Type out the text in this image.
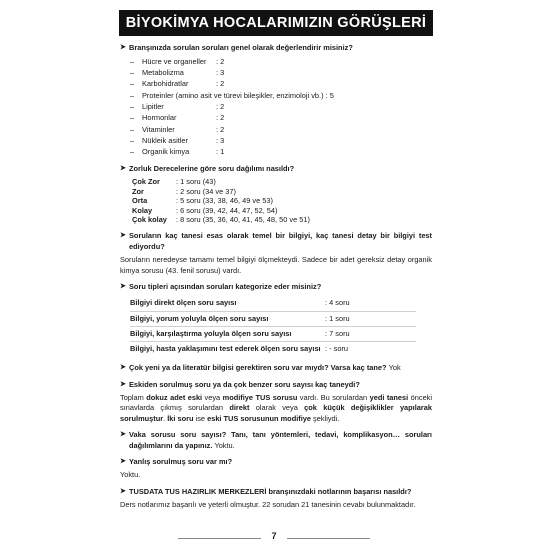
BİYOKİMYA HOCALARIMIZIN GÖRÜŞLERİ
➤ Branşınızda sorulan soruları genel olarak değerlendirir misiniz?
–	Hücre ve organeller	: 2
–	Metabolizma	: 3
–	Karbohidratlar	: 2
–	Proteinler (amino asit ve türevi bileşikler, enzimoloji vb.) : 5
–	Lipitler	: 2
–	Hormonlar	: 2
–	Vitaminler	: 2
–	Nükleik asitler	: 3
–	Organik kimya	: 1
➤ Zorluk Derecelerine göre soru dağılımı nasıldı?
Çok Zor	: 1 soru (43)
Zor	: 2 soru (34 ve 37)
Orta	: 5 soru (33, 38, 46, 49 ve 53)
Kolay	: 6 soru (39, 42, 44, 47, 52, 54)
Çok kolay	: 8 soru (35, 36, 40, 41, 45, 48, 50 ve 51)
➤ Soruların kaç tanesi esas olarak temel bir bilgiyi, kaç tanesi detay bir bilgiyi test ediyordu?
Soruların neredeyse tamamı temel bilgiyi ölçmekteydi. Sadece bir adet gereksiz detay organik kimya sorusu (43. fenil sorusu) vardı.
➤ Soru tipleri açısından soruları kategorize eder misiniz?
Bilgiyi direkt ölçen soru sayısı	: 4 soru
Bilgiyi, yorum yoluyla ölçen soru sayısı	: 1 soru
Bilgiyi, karşılaştırma yoluyla ölçen soru sayısı	: 7 soru
Bilgiyi, hasta yaklaşımını test ederek ölçen soru sayısı : - soru
➤ Çok yeni ya da literatür bilgisi gerektiren soru var mıydı? Varsa kaç tane? Yok
➤ Eskiden sorulmuş soru ya da çok benzer soru sayısı kaç taneydi?
Toplam dokuz adet eski veya modifiye TUS sorusu vardı. Bu sorulardan yedi tanesi önceki sınavlarda çıkmış sorulardan direkt olarak veya çok küçük değişiklikler yapılarak sorulmuştur. İki soru ise eski TUS sorusunun modifiye şekliydi.
➤ Vaka sorusu soru sayısı? Tanı, tanı yöntemleri, tedavi, komplikasyon… soruları dağılımlarını da yapınız. Yoktu.
➤ Yanlış sorulmuş soru var mı?
Yoktu.
➤ TUSDATA TUS HAZIRLIK MERKEZLERİ branşınızdaki notlarının başarısı nasıldı?
Ders notlarımız başarılı ve yeterli olmuştur. 22 sorudan 21 tanesinin cevabı bulunmaktadır.
7
